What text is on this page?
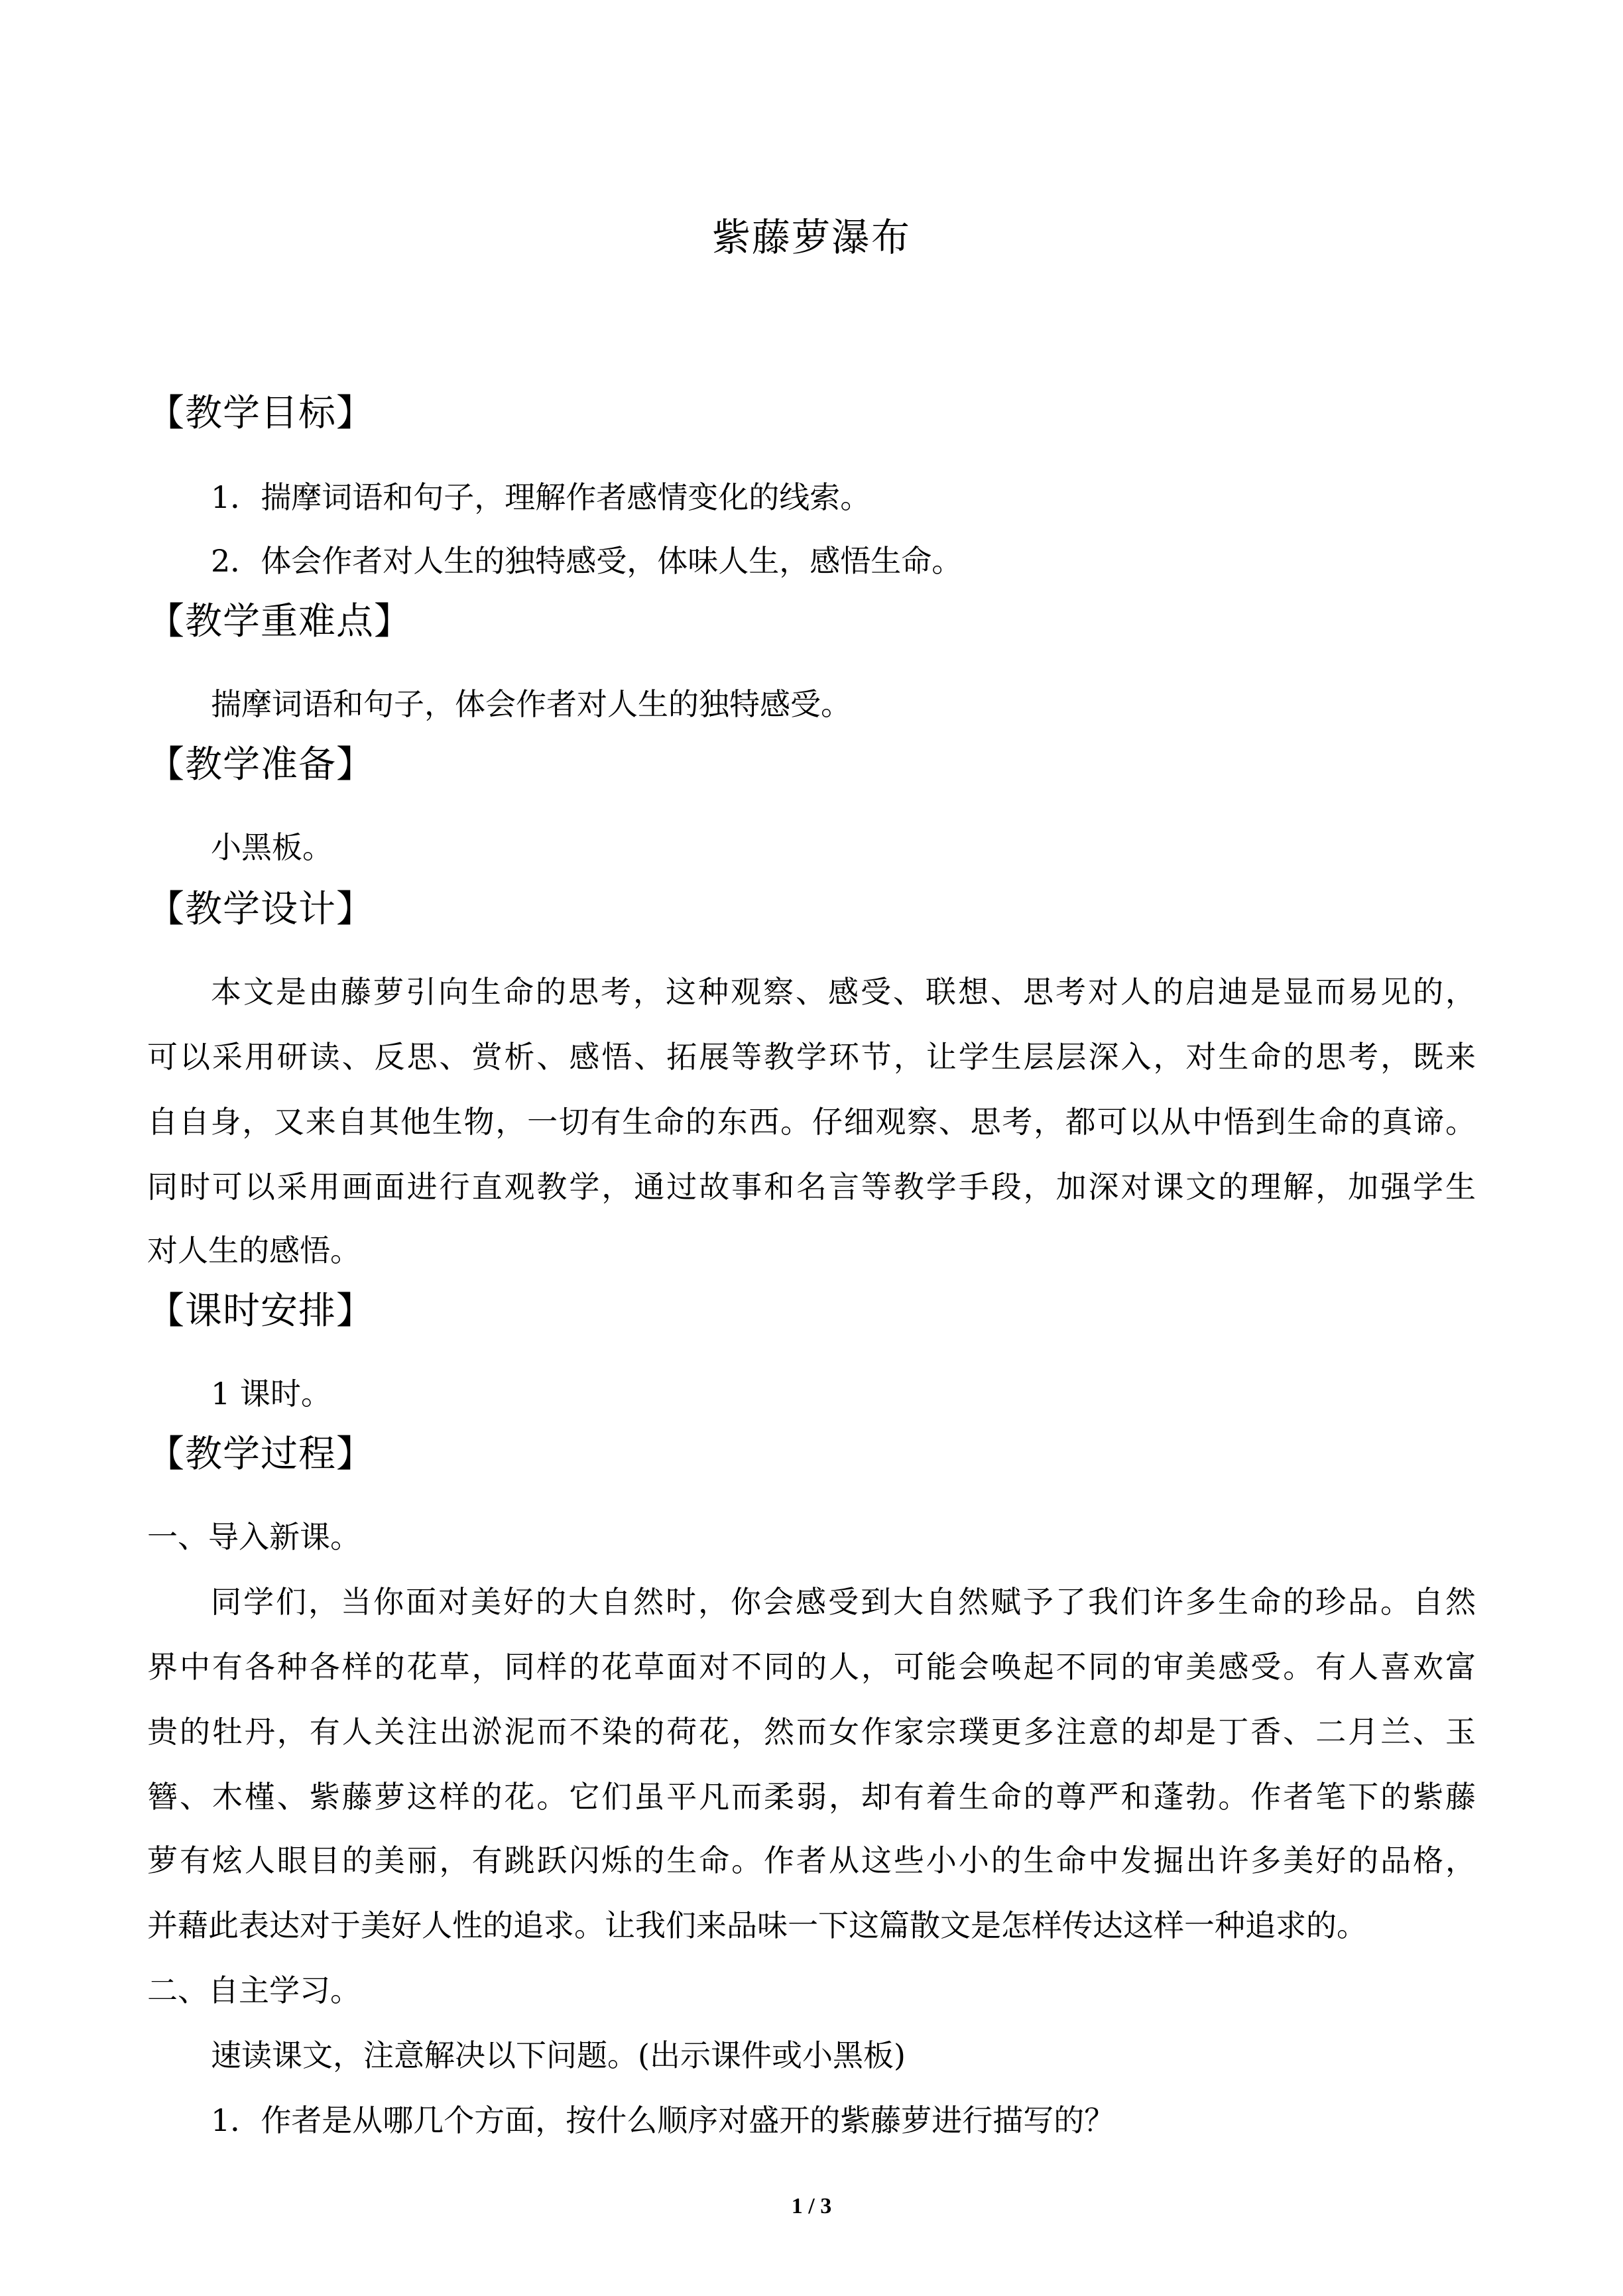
紫藤萝瀑布
【教学目标】
1．揣摩词语和句子，理解作者感情变化的线索。
2．体会作者对人生的独特感受，体味人生，感悟生命。
【教学重难点】
揣摩词语和句子，体会作者对人生的独特感受。
【教学准备】
小黑板。
【教学设计】
本文是由藤萝引向生命的思考，这种观察、感受、联想、思考对人的启迪是显而易见的，
可以采用研读、反思、赏析、感悟、拓展等教学环节，让学生层层深入，对生命的思考，既来
自自身，又来自其他生物，一切有生命的东西。仔细观察、思考，都可以从中悟到生命的真谛。
同时可以采用画面进行直观教学，通过故事和名言等教学手段，加深对课文的理解，加强学生
对人生的感悟。
【课时安排】
1 课时。
【教学过程】
一、导入新课。
同学们，当你面对美好的大自然时，你会感受到大自然赋予了我们许多生命的珍品。自然
界中有各种各样的花草，同样的花草面对不同的人，可能会唤起不同的审美感受。有人喜欢富
贵的牡丹，有人关注出淤泥而不染的荷花，然而女作家宗璞更多注意的却是丁香、二月兰、玉
簪、木槿、紫藤萝这样的花。它们虽平凡而柔弱，却有着生命的尊严和蓬勃。作者笔下的紫藤
萝有炫人眼目的美丽，有跳跃闪烁的生命。作者从这些小小的生命中发掘出许多美好的品格，
并藉此表达对于美好人性的追求。让我们来品味一下这篇散文是怎样传达这样一种追求的。
二、自主学习。
速读课文，注意解决以下问题。(出示课件或小黑板)
1．作者是从哪几个方面，按什么顺序对盛开的紫藤萝进行描写的？
1 / 3
